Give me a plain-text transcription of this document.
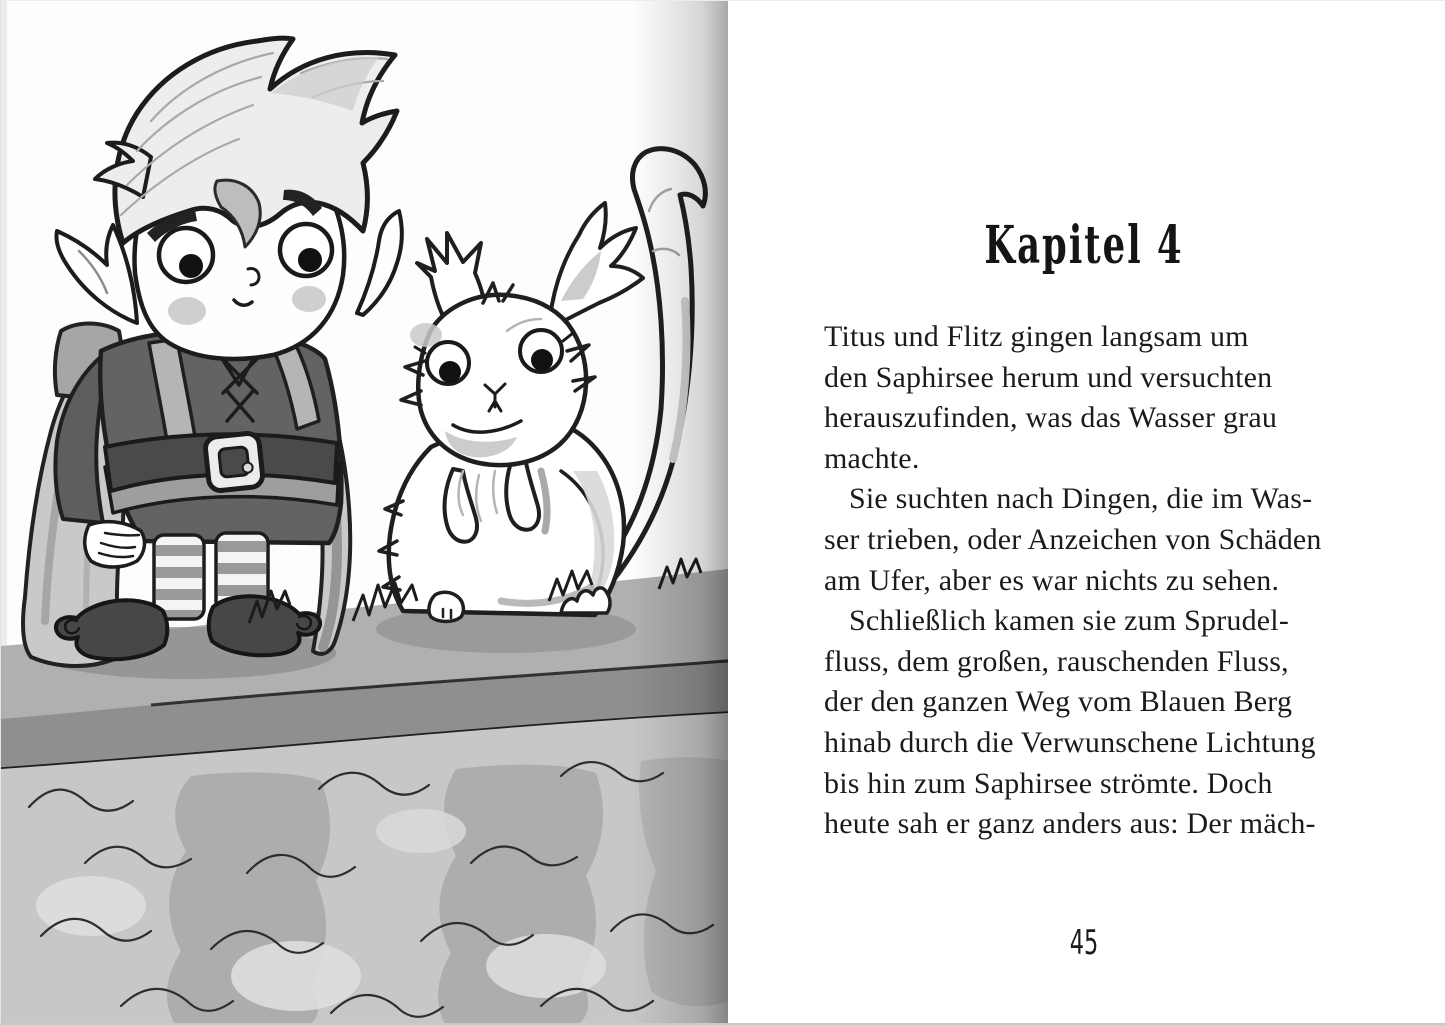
Kapitel 4
Titus und Flitz gingen langsam um
den Saphirsee herum und versuchten
herauszufinden, was das Wasser grau
machte.
Sie suchten nach Dingen, die im Was-
ser trieben, oder Anzeichen von Schäden
am Ufer, aber es war nichts zu sehen.
Schließlich kamen sie zum Sprudel-
fluss, dem großen, rauschenden Fluss,
der den ganzen Weg vom Blauen Berg
hinab durch die Verwunschene Lichtung
bis hin zum Saphirsee strömte. Doch
heute sah er ganz anders aus: Der mäch-
45
